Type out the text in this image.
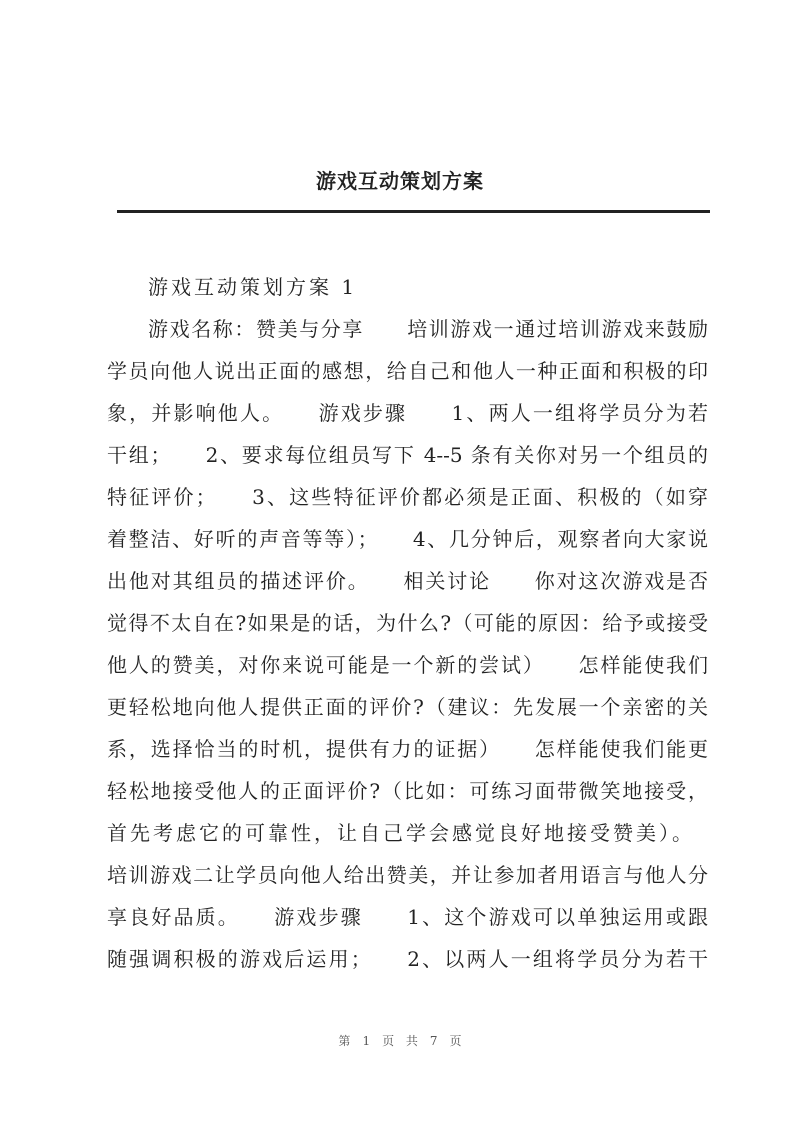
游戏互动策划方案
游戏互动策划方案 1
游戏名称：赞美与分享　　培训游戏一通过培训游戏来鼓励
学员向他人说出正面的感想，给自己和他人一种正面和积极的印
象，并影响他人。　　游戏步骤　　1、两人一组将学员分为若
干组；　　2、要求每位组员写下 4--5 条有关你对另一个组员的
特征评价；　　3、这些特征评价都必须是正面、积极的（如穿
着整洁、好听的声音等等）；　　4、几分钟后，观察者向大家说
出他对其组员的描述评价。　　相关讨论　　你对这次游戏是否
觉得不太自在?如果是的话，为什么?（可能的原因：给予或接受
他人的赞美，对你来说可能是一个新的尝试）　　怎样能使我们
更轻松地向他人提供正面的评价?（建议：先发展一个亲密的关
系，选择恰当的时机，提供有力的证据）　　怎样能使我们能更
轻松地接受他人的正面评价?（比如：可练习面带微笑地接受，
首先考虑它的可靠性，让自己学会感觉良好地接受赞美）。
培训游戏二让学员向他人给出赞美，并让参加者用语言与他人分
享良好品质。　　游戏步骤　　1、这个游戏可以单独运用或跟
随强调积极的游戏后运用；　　2、以两人一组将学员分为若干
第 1 页 共 7 页
